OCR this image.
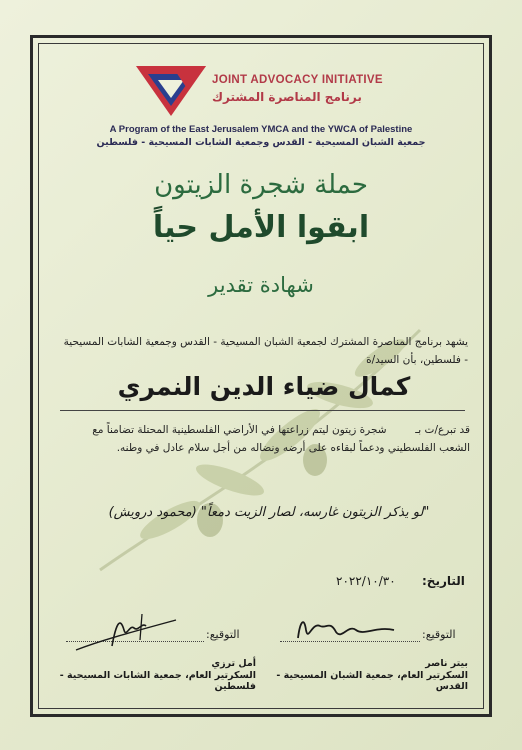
JOINT ADVOCACY INITIATIVE
برنامج المناصرة المشترك
A Program of the East Jerusalem YMCA and the YWCA of Palestine
جمعية الشبان المسيحية - القدس وجمعية الشابات المسيحية - فلسطين
حملة شجرة الزيتون
ابقوا الأمل حياً
شهادة تقدير
يشهد برنامج المناصرة المشترك لجمعية الشبان المسيحية - القدس وجمعية الشابات المسيحية - فلسطين، بأن السيد/ة
كمال ضياء الدين النمري
قد تبرع/ت بـ  شجرة زيتون ليتم زراعتها في الأراضي الفلسطينية المحتلة تضامناً مع الشعب الفلسطيني ودعماً لبقاءه على أرضه ونضاله من أجل سلام عادل في وطنه.
"لو يذكر الزيتون غارسه، لصار الزيت دمعاً" (محمود درويش)
التاريخ:
٢٠٢٢/١٠/٣٠
التوقيع:
التوقيع:
بيتر ناصر
السكرتير العام، جمعية الشبان المسيحية - القدس
أمل ترزي
السكرتير العام، جمعية الشابات المسيحية - فلسطين
